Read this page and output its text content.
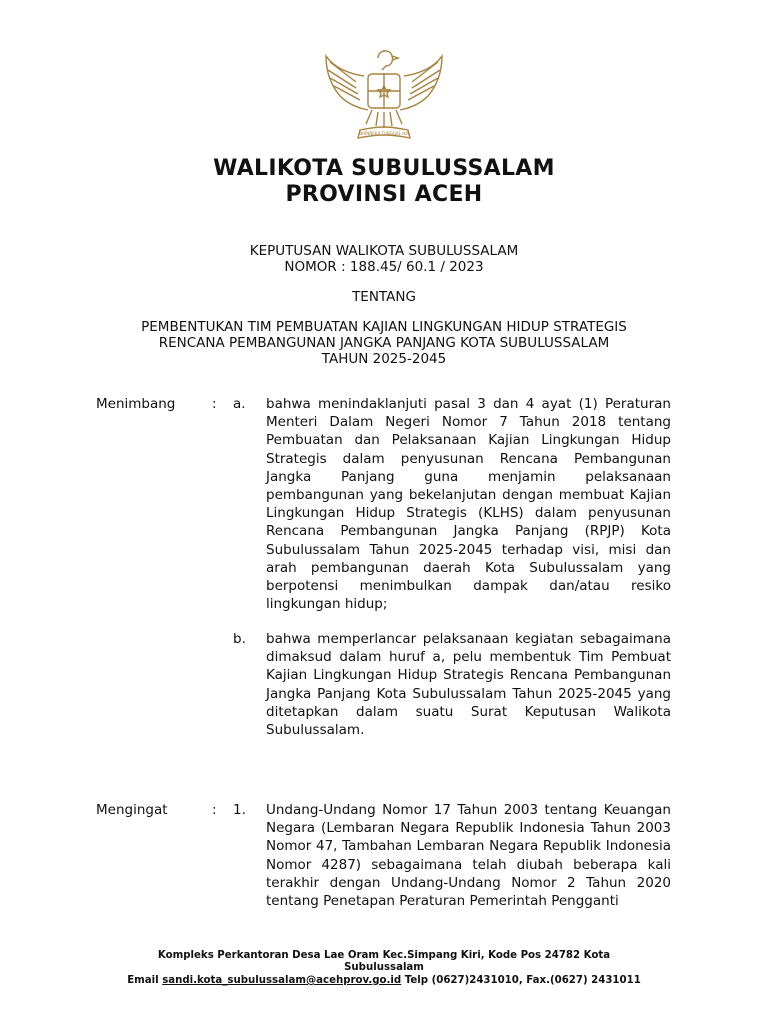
BHINNEKA TUNGGAL IKA
WALIKOTA SUBULUSSALAM
PROVINSI ACEH
KEPUTUSAN WALIKOTA SUBULUSSALAM
NOMOR : 188.45/ 60.1 / 2023
TENTANG
PEMBENTUKAN TIM PEMBUATAN KAJIAN LINGKUNGAN HIDUP STRATEGIS
RENCANA PEMBANGUNAN JANGKA PANJANG KOTA SUBULUSSALAM
TAHUN 2025-2045
Menimbang	: a. bahwa menindaklanjuti pasal 3 dan 4 ayat (1) Peraturan Menteri Dalam Negeri Nomor 7 Tahun 2018 tentang Pembuatan dan Pelaksanaan Kajian Lingkungan Hidup Strategis dalam penyusunan Rencana Pembangunan Jangka Panjang guna menjamin pelaksanaan pembangunan yang bekelanjutan dengan membuat Kajian Lingkungan Hidup Strategis (KLHS) dalam penyusunan Rencana Pembangunan Jangka Panjang (RPJP) Kota Subulussalam Tahun 2025-2045 terhadap visi, misi dan arah pembangunan daerah Kota Subulussalam yang berpotensi menimbulkan dampak dan/atau resiko lingkungan hidup;
b. bahwa memperlancar pelaksanaan kegiatan sebagaimana dimaksud dalam huruf a, pelu membentuk Tim Pembuat Kajian Lingkungan Hidup Strategis Rencana Pembangunan Jangka Panjang Kota Subulussalam Tahun 2025-2045 yang ditetapkan dalam suatu Surat Keputusan Walikota Subulussalam.
Mengingat	: 1. Undang-Undang Nomor 17 Tahun 2003 tentang Keuangan Negara (Lembaran Negara Republik Indonesia Tahun 2003 Nomor 47, Tambahan Lembaran Negara Republik Indonesia Nomor 4287) sebagaimana telah diubah beberapa kali terakhir dengan Undang-Undang Nomor 2 Tahun 2020 tentang Penetapan Peraturan Pemerintah Pengganti
Kompleks Perkantoran Desa Lae Oram Kec.Simpang Kiri, Kode Pos 24782 Kota
Subulussalam
Email sandi.kota_subulussalam@acehprov.go.id Telp (0627)2431010, Fax.(0627) 2431011
